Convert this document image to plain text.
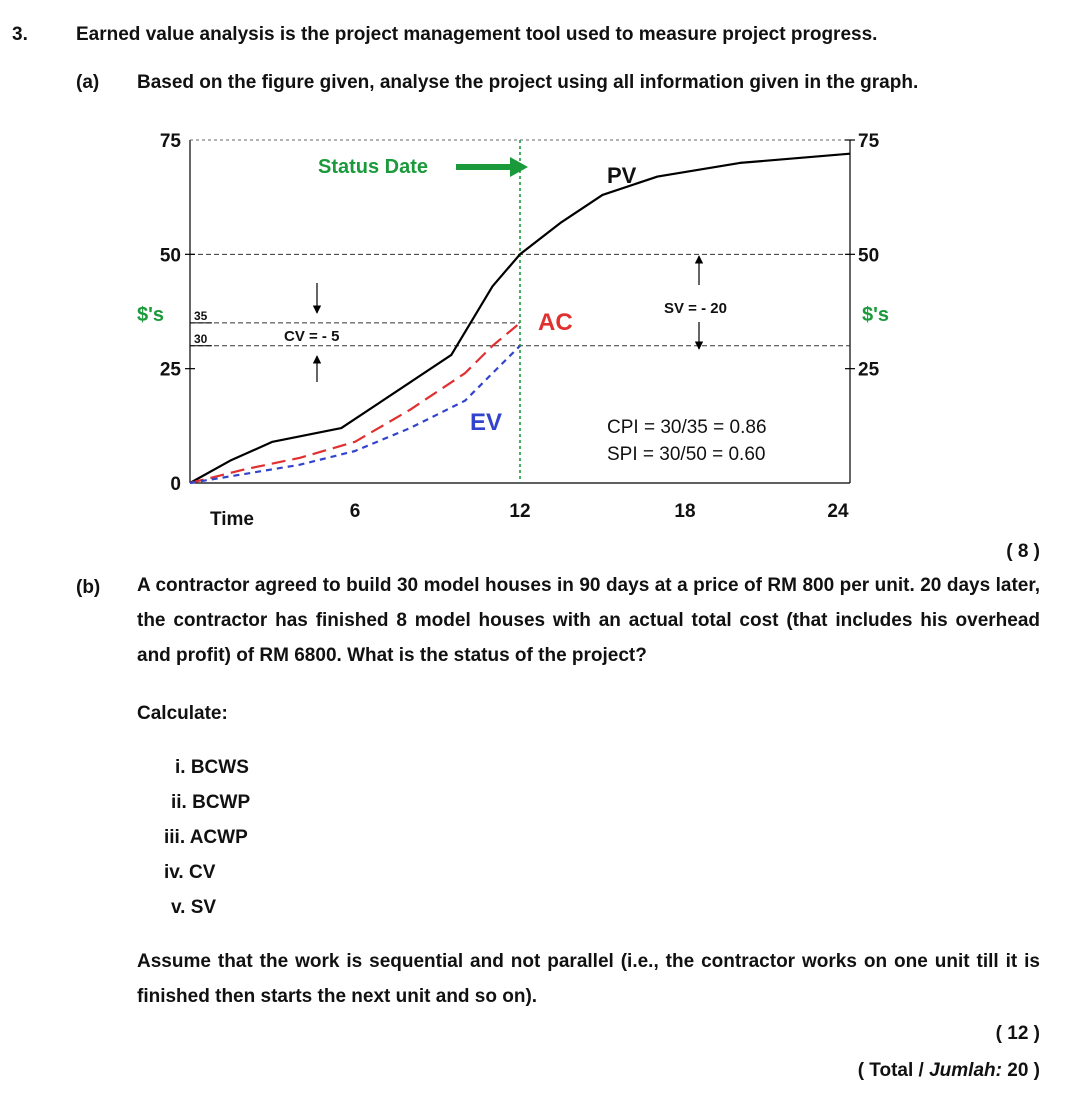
3.	Earned value analysis is the project management tool used to measure project progress.
(a) Based on the figure given, analyse the project using all information given in the graph.
0
25
50
75
25
50
75
6	12	18	24
Time
$'s	$'s
35
30
Status Date	PV
AC
EV
CV = - 5
SV = - 20
CPI = 30/35 = 0.86
SPI = 30/50 = 0.60
( 8 )
(b) A contractor agreed to build 30 model houses in 90 days at a price of RM 800 per unit. 20 days later, the contractor has finished 8 model houses with an actual total cost (that includes his overhead and profit) of RM 6800. What is the status of the project?
Calculate:
i. BCWS
ii. BCWP
iii. ACWP
iv. CV
v. SV
Assume that the work is sequential and not parallel (i.e., the contractor works on one unit till it is finished then starts the next unit and so on).
( 12 )
( Total / Jumlah: 20 )
